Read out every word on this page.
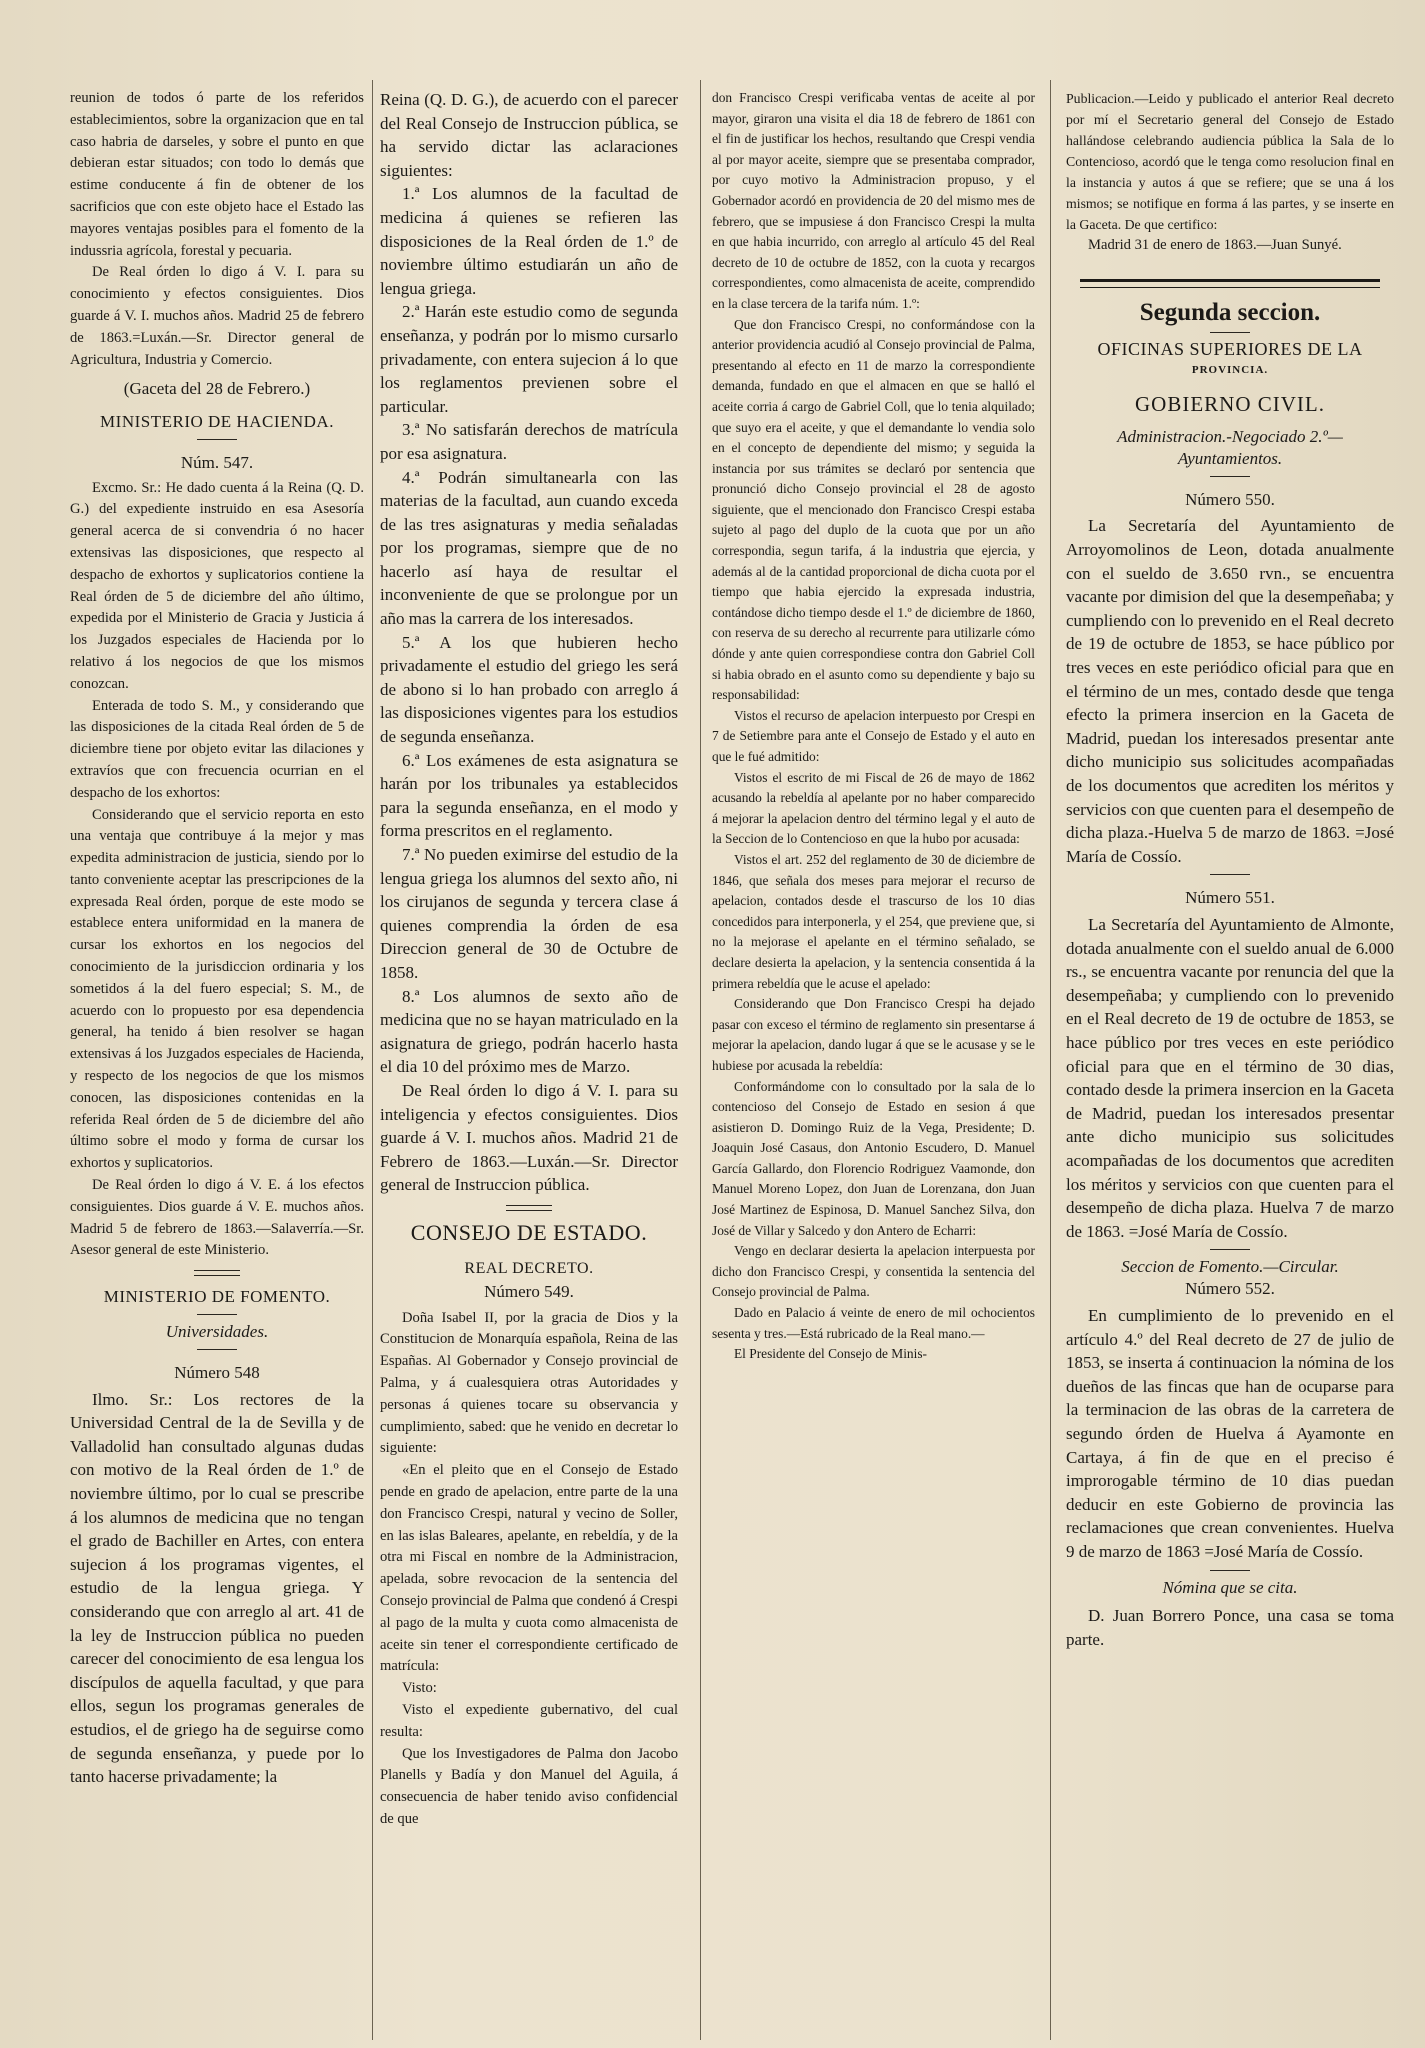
reunion de todos ó parte de los referidos establecimientos, sobre la organizacion que en tal caso habria de darseles, y sobre el punto en que debieran estar situados; con todo lo demás que estime conducente á fin de obtener de los sacrificios que con este objeto hace el Estado las mayores ventajas posibles para el fomento de la indussria agrícola, forestal y pecuaria.

De Real órden lo digo á V. I. para su conocimiento y efectos consiguientes. Dios guarde á V. I. muchos años. Madrid 25 de febrero de 1863.=Luxán.—Sr. Director general de Agricultura, Industria y Comercio.

(Gaceta del 28 de Febrero.)

MINISTERIO DE HACIENDA.
Núm. 547.

Excmo. Sr.: He dado cuenta á la Reina (Q. D. G.) del expediente instruido en esa Asesoría general acerca de si convendria ó no hacer extensivas las disposiciones, que respecto al despacho de exhortos y suplicatorios contiene la Real órden de 5 de diciembre del año último, expedida por el Ministerio de Gracia y Justicia á los Juzgados especiales de Hacienda por lo relativo á los negocios de que los mismos conozcan.

Enterada de todo S. M., y considerando que las disposiciones de la citada Real órden de 5 de diciembre tiene por objeto evitar las dilaciones y extravíos que con frecuencia ocurrian en el despacho de los exhortos:

Considerando que el servicio reporta en esto una ventaja que contribuye á la mejor y mas expedita administracion de justicia, siendo por lo tanto conveniente aceptar las prescripciones de la expresada Real órden, porque de este modo se establece entera uniformidad en la manera de cursar los exhortos en los negocios del conocimiento de la jurisdiccion ordinaria y los sometidos á la del fuero especial; S. M., de acuerdo con lo propuesto por esa dependencia general, ha tenido á bien resolver se hagan extensivas á los Juzgados especiales de Hacienda, y respecto de los negocios de que los mismos conocen, las disposiciones contenidas en la referida Real órden de 5 de diciembre del año último sobre el modo y forma de cursar los exhortos y suplicatorios.

De Real órden lo digo á V. E. á los efectos consiguientes. Dios guarde á V. E. muchos años. Madrid 5 de febrero de 1863.—Salaverría.—Sr. Asesor general de este Ministerio.

MINISTERIO DE FOMENTO.
Universidades.
Número 548

Ilmo. Sr.: Los rectores de la Universidad Central de la de Sevilla y de Valladolid han consultado algunas dudas con motivo de la Real órden de 1.º de noviembre último, por lo cual se prescribe á los alumnos de medicina que no tengan el grado de Bachiller en Artes, con entera sujecion á los programas vigentes, el estudio de la lengua griega. Y considerando que con arreglo al art. 41 de la ley de Instruccion pública no pueden carecer del conocimiento de esa lengua los discípulos de aquella facultad, y que para ellos, segun los programas generales de estudios, el de griego ha de seguirse como de segunda enseñanza, y puede por lo tanto hacerse privadamente; la

Reina (Q. D. G.), de acuerdo con el parecer del Real Consejo de Instruccion pública, se ha servido dictar las aclaraciones siguientes:

1.ª Los alumnos de la facultad de medicina á quienes se refieren las disposiciones de la Real órden de 1.º de noviembre último estudiarán un año de lengua griega.

2.ª Harán este estudio como de segunda enseñanza, y podrán por lo mismo cursarlo privadamente, con entera sujecion á lo que los reglamentos previenen sobre el particular.

3.ª No satisfarán derechos de matrícula por esa asignatura.

4.ª Podrán simultanearla con las materias de la facultad, aun cuando exceda de las tres asignaturas y media señaladas por los programas, siempre que de no hacerlo así haya de resultar el inconveniente de que se prolongue por un año mas la carrera de los interesados.

5.ª A los que hubieren hecho privadamente el estudio del griego les será de abono si lo han probado con arreglo á las disposiciones vigentes para los estudios de segunda enseñanza.

6.ª Los exámenes de esta asignatura se harán por los tribunales ya establecidos para la segunda enseñanza, en el modo y forma prescritos en el reglamento.

7.ª No pueden eximirse del estudio de la lengua griega los alumnos del sexto año, ni los cirujanos de segunda y tercera clase á quienes comprendia la órden de esa Direccion general de 30 de Octubre de 1858.

8.ª Los alumnos de sexto año de medicina que no se hayan matriculado en la asignatura de griego, podrán hacerlo hasta el dia 10 del próximo mes de Marzo.

De Real órden lo digo á V. I. para su inteligencia y efectos consiguientes. Dios guarde á V. I. muchos años. Madrid 21 de Febrero de 1863.—Luxán.—Sr. Director general de Instruccion pública.

CONSEJO DE ESTADO.
REAL DECRETO.
Número 549.

Doña Isabel II, por la gracia de Dios y la Constitucion de Monarquía española, Reina de las Españas. Al Gobernador y Consejo provincial de Palma, y á cualesquiera otras Autoridades y personas á quienes tocare su observancia y cumplimiento, sabed: que he venido en decretar lo siguiente:

«En el pleito que en el Consejo de Estado pende en grado de apelacion, entre parte de la una don Francisco Crespi, natural y vecino de Soller, en las islas Baleares, apelante, en rebeldía, y de la otra mi Fiscal en nombre de la Administracion, apelada, sobre revocacion de la sentencia del Consejo provincial de Palma que condenó á Crespi al pago de la multa y cuota como almacenista de aceite sin tener el correspondiente certificado de matrícula:

Visto:

Visto el expediente gubernativo, del cual resulta:

Que los Investigadores de Palma don Jacobo Planells y Badía y don Manuel del Aguila, á consecuencia de haber tenido aviso confidencial de que

don Francisco Crespi verificaba ventas de aceite al por mayor, giraron una visita el dia 18 de febrero de 1861 con el fin de justificar los hechos, resultando que Crespi vendia al por mayor aceite, siempre que se presentaba comprador, por cuyo motivo la Administracion propuso, y el Gobernador acordó en providencia de 20 del mismo mes de febrero, que se impusiese á don Francisco Crespi la multa en que habia incurrido, con arreglo al artículo 45 del Real decreto de 10 de octubre de 1852, con la cuota y recargos correspondientes, como almacenista de aceite, comprendido en la clase tercera de la tarifa núm. 1.º:

Que don Francisco Crespi, no conformándose con la anterior providencia acudió al Consejo provincial de Palma, presentando al efecto en 11 de marzo la correspondiente demanda, fundado en que el almacen en que se halló el aceite corria á cargo de Gabriel Coll, que lo tenia alquilado; que suyo era el aceite, y que el demandante lo vendia solo en el concepto de dependiente del mismo; y seguida la instancia por sus trámites se declaró por sentencia que pronunció dicho Consejo provincial el 28 de agosto siguiente, que el mencionado don Francisco Crespi estaba sujeto al pago del duplo de la cuota que por un año correspondia, segun tarifa, á la industria que ejercia, y además al de la cantidad proporcional de dicha cuota por el tiempo que habia ejercido la expresada industria, contándose dicho tiempo desde el 1.º de diciembre de 1860, con reserva de su derecho al recurrente para utilizarle cómo dónde y ante quien correspondiese contra don Gabriel Coll si habia obrado en el asunto como su dependiente y bajo su responsabilidad:

Vistos el recurso de apelacion interpuesto por Crespi en 7 de Setiembre para ante el Consejo de Estado y el auto en que le fué admitido:

Vistos el escrito de mi Fiscal de 26 de mayo de 1862 acusando la rebeldía al apelante por no haber comparecido á mejorar la apelacion dentro del término legal y el auto de la Seccion de lo Contencioso en que la hubo por acusada:

Vistos el art. 252 del reglamento de 30 de diciembre de 1846, que señala dos meses para mejorar el recurso de apelacion, contados desde el trascurso de los 10 dias concedidos para interponerla, y el 254, que previene que, si no la mejorase el apelante en el término señalado, se declare desierta la apelacion, y la sentencia consentida á la primera rebeldía que le acuse el apelado:

Considerando que Don Francisco Crespi ha dejado pasar con exceso el término de reglamento sin presentarse á mejorar la apelacion, dando lugar á que se le acusase y se le hubiese por acusada la rebeldía:

Conformándome con lo consultado por la sala de lo contencioso del Consejo de Estado en sesion á que asistieron D. Domingo Ruiz de la Vega, Presidente; D. Joaquin José Casaus, don Antonio Escudero, D. Manuel García Gallardo, don Florencio Rodriguez Vaamonde, don Manuel Moreno Lopez, don Juan de Lorenzana, don Juan José Martinez de Espinosa, D. Manuel Sanchez Silva, don José de Villar y Salcedo y don Antero de Echarri:

Vengo en declarar desierta la apelacion interpuesta por dicho don Francisco Crespi, y consentida la sentencia del Consejo provincial de Palma.

Dado en Palacio á veinte de enero de mil ochocientos sesenta y tres.—Está rubricado de la Real mano.—

El Presidente del Consejo de Minis-

Publicacion.—Leido y publicado el anterior Real decreto por mí el Secretario general del Consejo de Estado hallándose celebrando audiencia pública la Sala de lo Contencioso, acordó que le tenga como resolucion final en la instancia y autos á que se refiere; que se una á los mismos; se notifique en forma á las partes, y se inserte en la Gaceta. De que certifico:

Madrid 31 de enero de 1863.—Juan Sunyé.

Segunda seccion.
OFICINAS SUPERIORES DE LA
PROVINCIA.
GOBIERNO CIVIL.
Administracion.-Negociado 2.º— Ayuntamientos.
Número 550.

La Secretaría del Ayuntamiento de Arroyomolinos de Leon, dotada anualmente con el sueldo de 3.650 rvn., se encuentra vacante por dimision del que la desempeñaba; y cumpliendo con lo prevenido en el Real decreto de 19 de octubre de 1853, se hace público por tres veces en este periódico oficial para que en el término de un mes, contado desde que tenga efecto la primera insercion en la Gaceta de Madrid, puedan los interesados presentar ante dicho municipio sus solicitudes acompañadas de los documentos que acrediten los méritos y servicios con que cuenten para el desempeño de dicha plaza.-Huelva 5 de marzo de 1863. =José María de Cossío.

Número 551.

La Secretaría del Ayuntamiento de Almonte, dotada anualmente con el sueldo anual de 6.000 rs., se encuentra vacante por renuncia del que la desempeñaba; y cumpliendo con lo prevenido en el Real decreto de 19 de octubre de 1853, se hace público por tres veces en este periódico oficial para que en el término de 30 dias, contado desde la primera insercion en la Gaceta de Madrid, puedan los interesados presentar ante dicho municipio sus solicitudes acompañadas de los documentos que acrediten los méritos y servicios con que cuenten para el desempeño de dicha plaza. Huelva 7 de marzo de 1863. =José María de Cossío.

Seccion de Fomento.—Circular.
Número 552.

En cumplimiento de lo prevenido en el artículo 4.º del Real decreto de 27 de julio de 1853, se inserta á continuacion la nómina de los dueños de las fincas que han de ocuparse para la terminacion de las obras de la carretera de segundo órden de Huelva á Ayamonte en Cartaya, á fin de que en el preciso é improrogable término de 10 dias puedan deducir en este Gobierno de provincia las reclamaciones que crean convenientes. Huelva 9 de marzo de 1863 =José María de Cossío.

Nómina que se cita.

D. Juan Borrero Ponce, una casa se toma parte.
